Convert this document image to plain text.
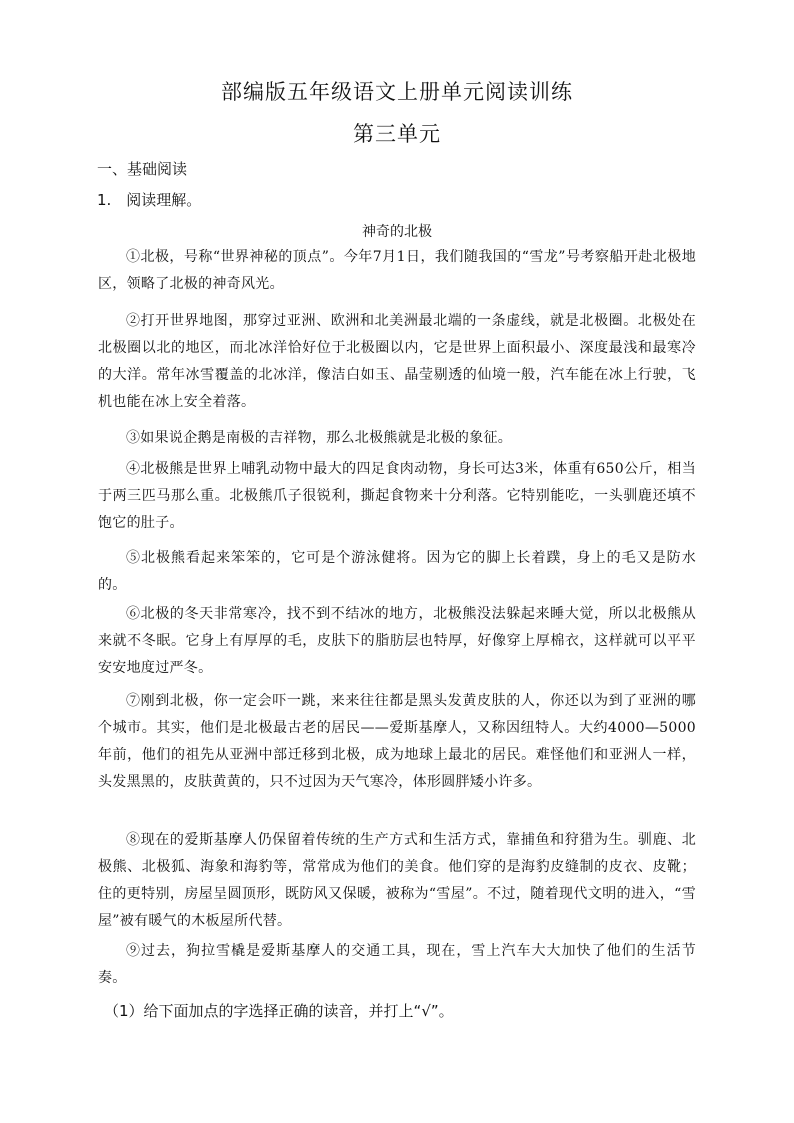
部编版五年级语文上册单元阅读训练
第三单元
一、基础阅读
1.　阅读理解。
神奇的北极

①北极，号称“世界神秘的顶点”。今年7月1日，我们随我国的“雪龙”号考察船开赴北极地区，领略了北极的神奇风光。

②打开世界地图，那穿过亚洲、欧洲和北美洲最北端的一条虚线，就是北极圈。北极处在北极圈以北的地区，而北冰洋恰好位于北极圈以内，它是世界上面积最小、深度最浅和最寒冷的大洋。常年冰雪覆盖的北冰洋，像洁白如玉、晶莹剔透的仙境一般，汽车能在冰上行驶，飞机也能在冰上安全着落。

③如果说企鹅是南极的吉祥物，那么北极熊就是北极的象征。

④北极熊是世界上哺乳动物中最大的四足食肉动物，身长可达3米，体重有650公斤，相当于两三匹马那么重。北极熊爪子很锐利，撕起食物来十分利落。它特别能吃，一头驯鹿还填不饱它的肚子。

⑤北极熊看起来笨笨的，它可是个游泳健将。因为它的脚上长着蹼，身上的毛又是防水的。

⑥北极的冬天非常寒冷，找不到不结冰的地方，北极熊没法躲起来睡大觉，所以北极熊从来就不冬眠。它身上有厚厚的毛，皮肤下的脂肪层也特厚，好像穿上厚棉衣，这样就可以平平安安地度过严冬。

⑦刚到北极，你一定会吓一跳，来来往往都是黑头发黄皮肤的人，你还以为到了亚洲的哪个城市。其实，他们是北极最古老的居民——爱斯基摩人，又称因纽特人。大约4000—5000年前，他们的祖先从亚洲中部迁移到北极，成为地球上最北的居民。难怪他们和亚洲人一样，头发黑黑的，皮肤黄黄的，只不过因为天气寒冷，体形圆胖矮小许多。

⑧现在的爱斯基摩人仍保留着传统的生产方式和生活方式，靠捕鱼和狩猎为生。驯鹿、北极熊、北极狐、海象和海豹等，常常成为他们的美食。他们穿的是海豹皮缝制的皮衣、皮靴；住的更特别，房屋呈圆顶形，既防风又保暖，被称为“雪屋”。不过，随着现代文明的进入，“雪屋”被有暖气的木板屋所代替。

⑨过去，狗拉雪橇是爱斯基摩人的交通工具，现在，雪上汽车大大加快了他们的生活节奏。

（1）给下面加点的字选择正确的读音，并打上“√”。
